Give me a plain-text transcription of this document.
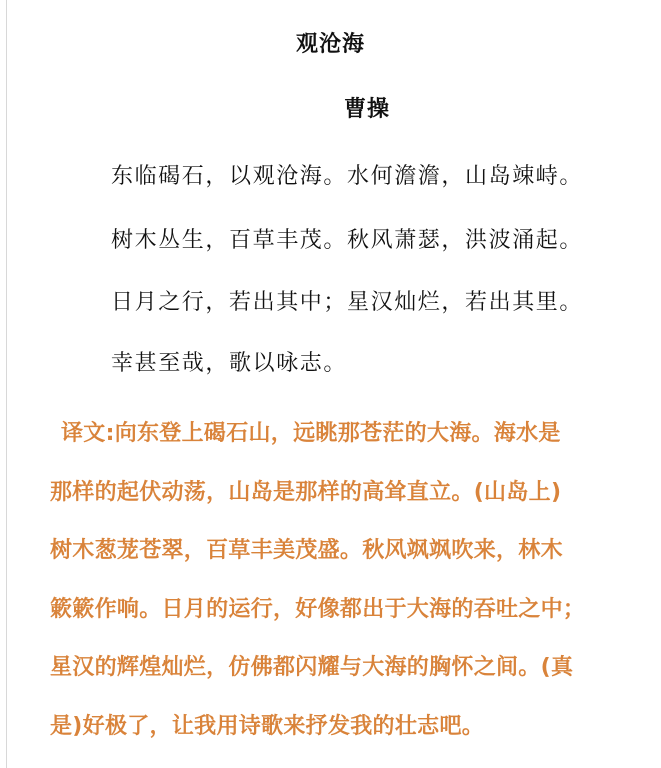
观沧海
曹操
东临碣石，以观沧海。水何澹澹，山岛竦峙。
树木丛生，百草丰茂。秋风萧瑟，洪波涌起。
日月之行，若出其中；星汉灿烂，若出其里。
幸甚至哉，歌以咏志。

译文:向东登上碣石山，远眺那苍茫的大海。海水是
那样的起伏动荡，山岛是那样的高耸直立。(山岛上)
树木葱茏苍翠，百草丰美茂盛。秋风飒飒吹来，林木
簌簌作响。日月的运行，好像都出于大海的吞吐之中；
星汉的辉煌灿烂，仿佛都闪耀与大海的胸怀之间。(真
是)好极了，让我用诗歌来抒发我的壮志吧。
